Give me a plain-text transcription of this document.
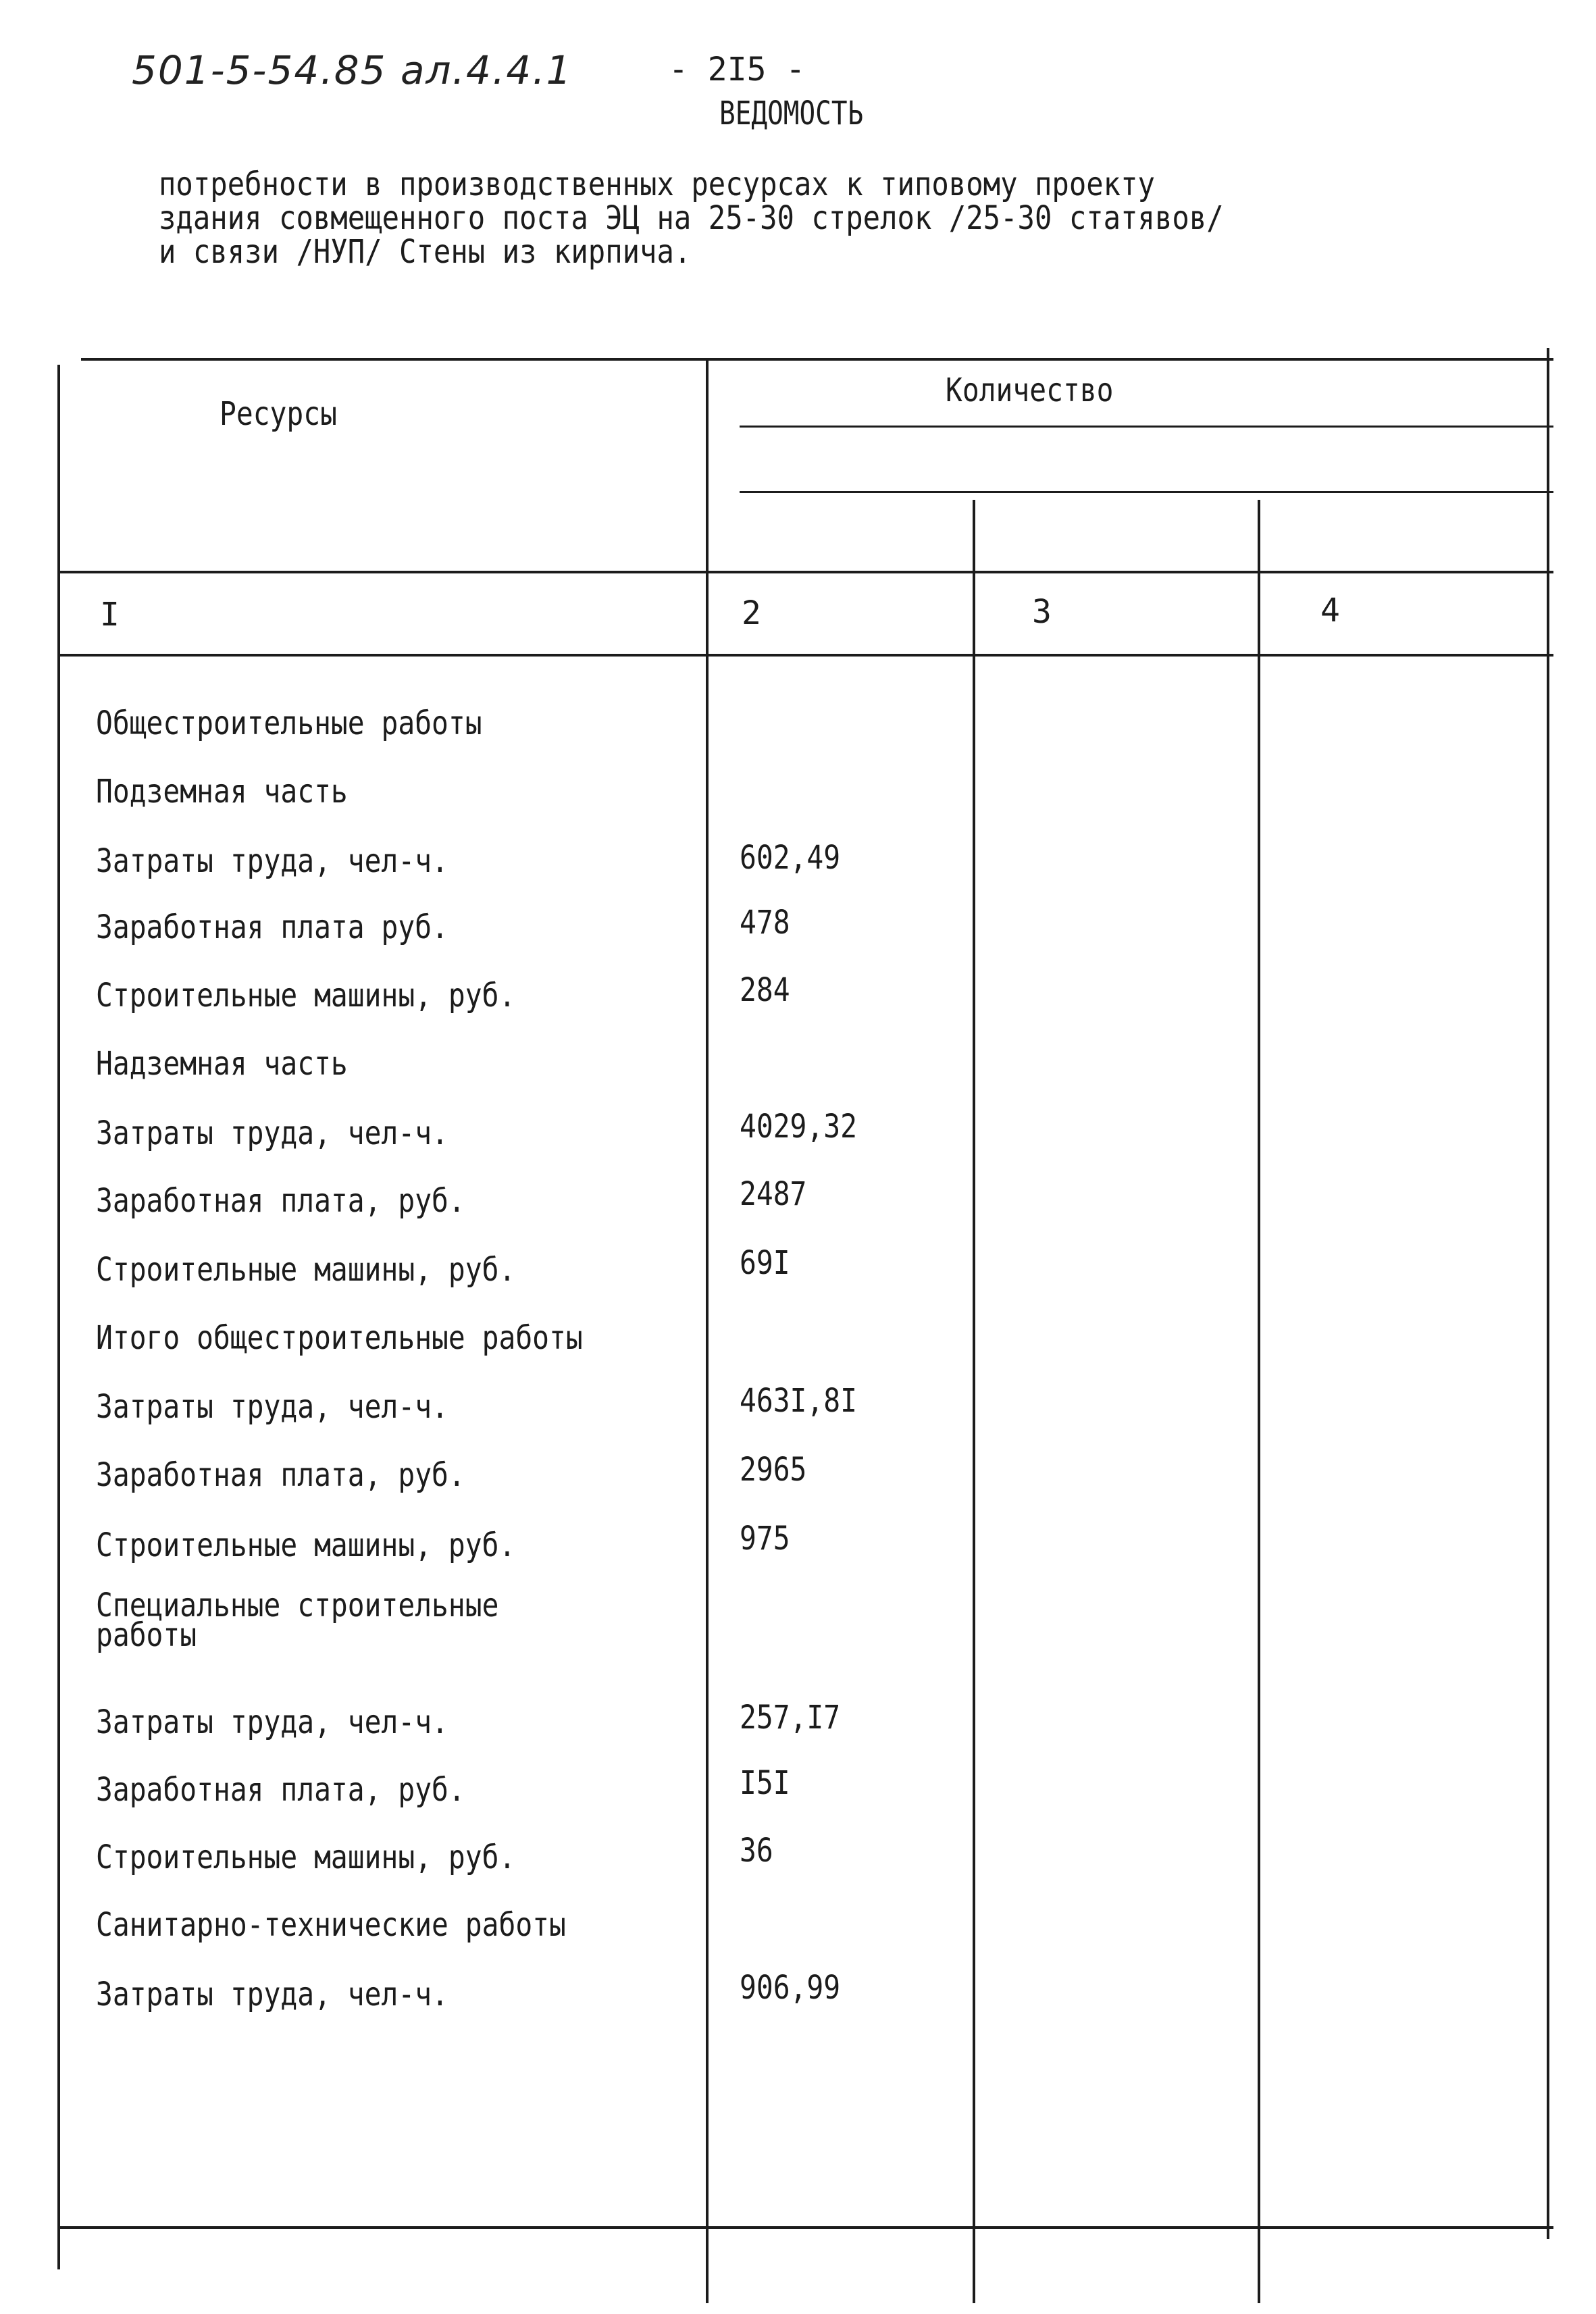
501-5-54.85 ал.4.4.1	- 2I5 -
ВЕДОМОСТЬ
потребности в производственных ресурсах к типовому проекту
здания совмещенного поста ЭЦ на 25-30 стрелок /25-30 статявов/
и связи /НУП/ Стены из кирпича.
Ресурсы
Количество
I	2	3	4
Общестроительные работы
Подземная часть
Затраты труда, чел-ч.	602,49
Заработная плата руб.	478
Строительные машины, руб.	284
Надземная часть
Затраты труда, чел-ч.	4029,32
Заработная плата, руб.	2487
Строительные машины, руб.	69I
Итого общестроительные работы
Затраты труда, чел-ч.	463I,8I
Заработная плата, руб.	2965
Строительные машины, руб.	975
Специальные строительные работы
Затраты труда, чел-ч.	257,I7
Заработная плата, руб.	I5I
Строительные машины, руб.	36
Санитарно-технические работы
Затраты труда, чел-ч.	906,99
